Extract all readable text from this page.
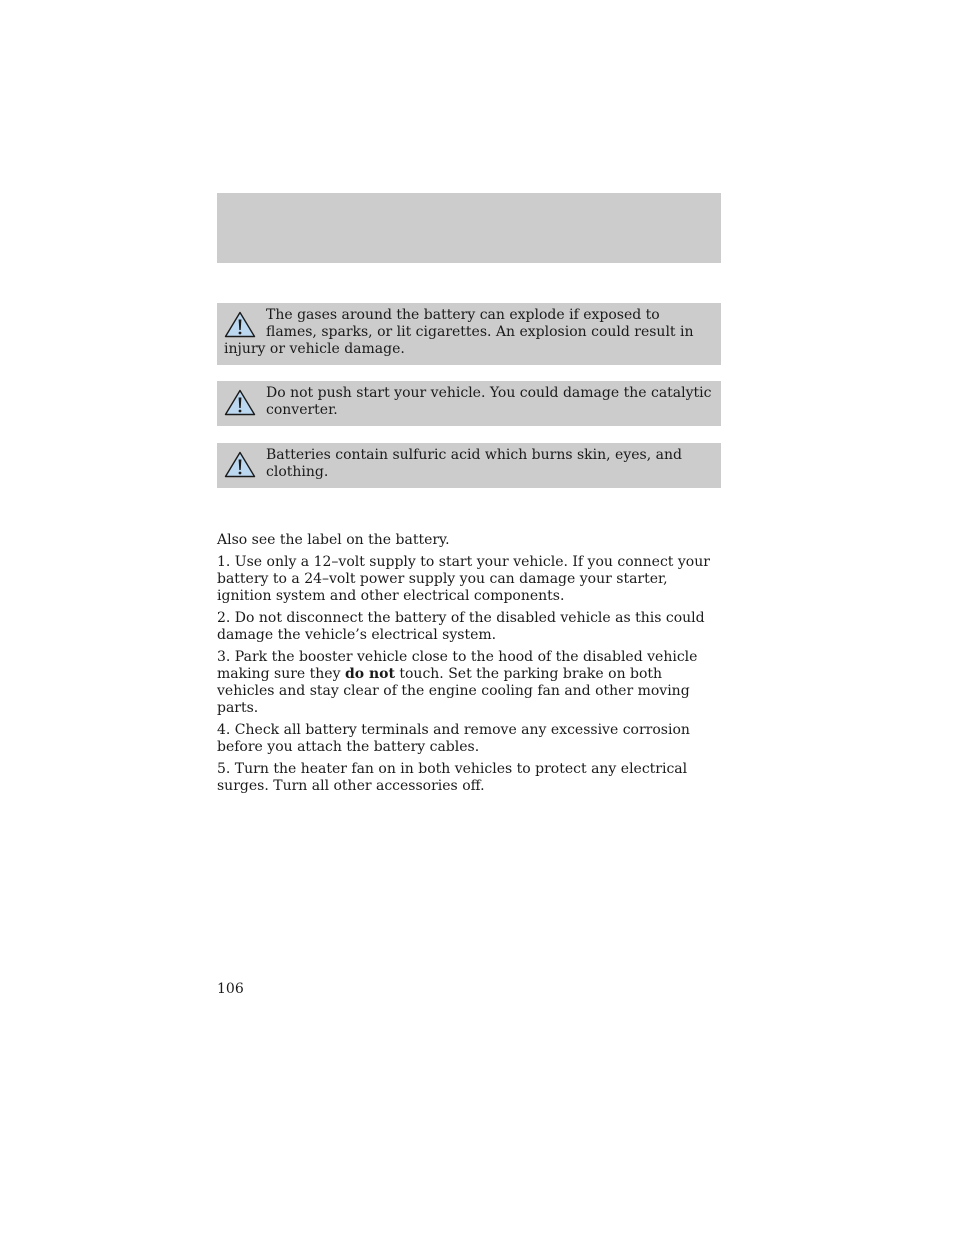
The gases around the battery can explode if exposed to flames, sparks, or lit cigarettes. An explosion could result in injury or vehicle damage.

Do not push start your vehicle. You could damage the catalytic converter.

Batteries contain sulfuric acid which burns skin, eyes, and clothing.

Also see the label on the battery.

1. Use only a 12–volt supply to start your vehicle. If you connect your battery to a 24–volt power supply you can damage your starter, ignition system and other electrical components.

2. Do not disconnect the battery of the disabled vehicle as this could damage the vehicle’s electrical system.

3. Park the booster vehicle close to the hood of the disabled vehicle making sure they do not touch. Set the parking brake on both vehicles and stay clear of the engine cooling fan and other moving parts.

4. Check all battery terminals and remove any excessive corrosion before you attach the battery cables.

5. Turn the heater fan on in both vehicles to protect any electrical surges. Turn all other accessories off.

106
